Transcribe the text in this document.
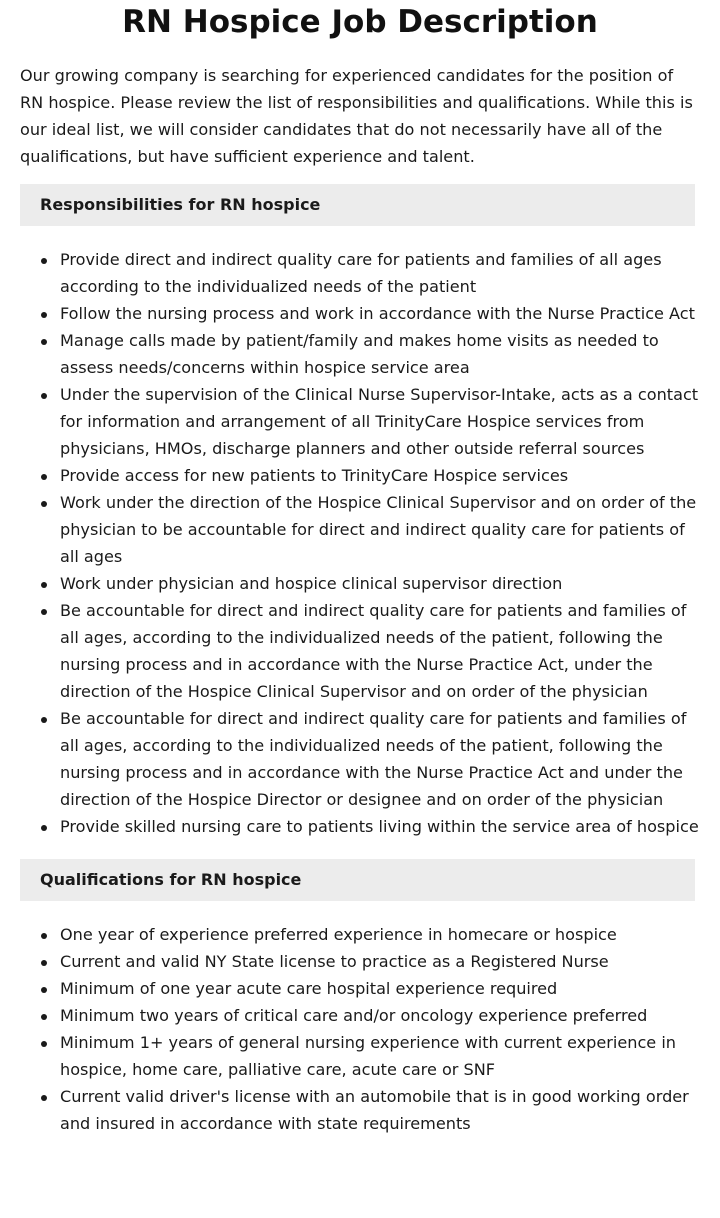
RN Hospice Job Description

Our growing company is searching for experienced candidates for the position of RN hospice. Please review the list of responsibilities and qualifications. While this is our ideal list, we will consider candidates that do not necessarily have all of the qualifications, but have sufficient experience and talent.

Responsibilities for RN hospice
Provide direct and indirect quality care for patients and families of all ages according to the individualized needs of the patient
Follow the nursing process and work in accordance with the Nurse Practice Act
Manage calls made by patient/family and makes home visits as needed to assess needs/concerns within hospice service area
Under the supervision of the Clinical Nurse Supervisor-Intake, acts as a contact for information and arrangement of all TrinityCare Hospice services from physicians, HMOs, discharge planners and other outside referral sources
Provide access for new patients to TrinityCare Hospice services
Work under the direction of the Hospice Clinical Supervisor and on order of the physician to be accountable for direct and indirect quality care for patients of all ages
Work under physician and hospice clinical supervisor direction
Be accountable for direct and indirect quality care for patients and families of all ages, according to the individualized needs of the patient, following the nursing process and in accordance with the Nurse Practice Act, under the direction of the Hospice Clinical Supervisor and on order of the physician
Be accountable for direct and indirect quality care for patients and families of all ages, according to the individualized needs of the patient, following the nursing process and in accordance with the Nurse Practice Act and under the direction of the Hospice Director or designee and on order of the physician
Provide skilled nursing care to patients living within the service area of hospice
Qualifications for RN hospice
One year of experience preferred experience in homecare or hospice
Current and valid NY State license to practice as a Registered Nurse
Minimum of one year acute care hospital experience required
Minimum two years of critical care and/or oncology experience preferred
Minimum 1+ years of general nursing experience with current experience in hospice, home care, palliative care, acute care or SNF
Current valid driver's license with an automobile that is in good working order and insured in accordance with state requirements
